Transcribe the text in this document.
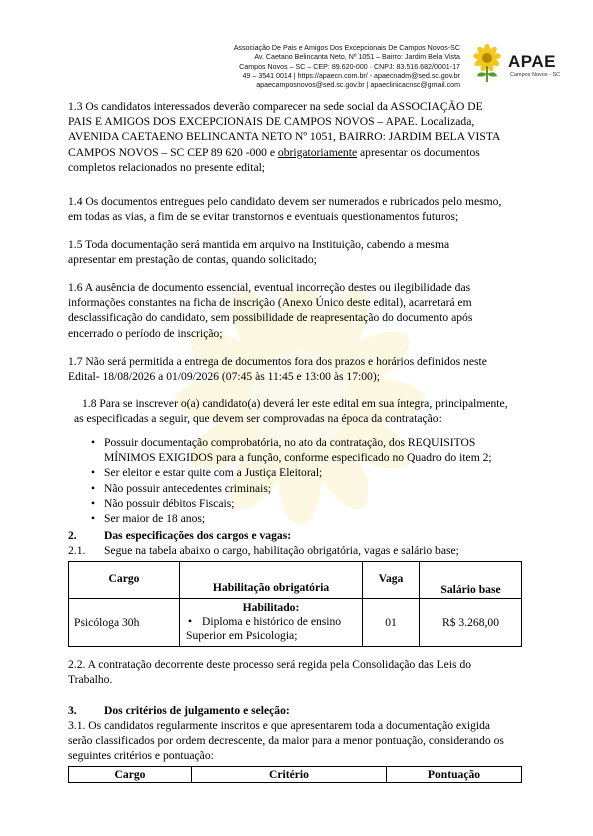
Associação De Pais e Amigos Dos Excepcionais De Campos Novos-SC
Av. Caetano Belincanta Neto, Nº 1051 – Bairro: Jardim Bela Vista
Campos Novos – SC – CEP: 89.620-000 · CNPJ: 83.516.682/0001-17
49 – 3541 0014 | https://apaecn.com.br/ - apaecnadm@sed.sc.gov.br
apaecamposnovos@sed.sc.gov.br | apaeclinicacnsc@gmail.com
APAE
Campos Novos - SC
1.3 Os candidatos interessados deverão comparecer na sede social da ASSOCIAÇÃO DE
PAIS E AMIGOS DOS EXCEPCIONAIS DE CAMPOS NOVOS – APAE. Localizada,
AVENIDA CAETAENO BELINCANTA NETO Nº 1051, BAIRRO: JARDIM BELA VISTA
CAMPOS NOVOS – SC CEP 89 620 -000 e obrigatoriamente apresentar os documentos
completos relacionados no presente edital;
1.4 Os documentos entregues pelo candidato devem ser numerados e rubricados pelo mesmo,
em todas as vias, a fim de se evitar transtornos e eventuais questionamentos futuros;
1.5 Toda documentação será mantida em arquivo na Instituição, cabendo a mesma
apresentar em prestação de contas, quando solicitado;
1.6 A ausência de documento essencial, eventual incorreção destes ou ilegibilidade das
informações constantes na ficha de inscrição (Anexo Único deste edital), acarretará em
desclassificação do candidato, sem possibilidade de reapresentação do documento após
encerrado o período de inscrição;
1.7 Não será permitida a entrega de documentos fora dos prazos e horários definidos neste
Edital- 18/08/2026 a 01/09/2026 (07:45 às 11:45 e 13:00 às 17:00);
1.8 Para se inscrever o(a) candidato(a) deverá ler este edital em sua íntegra, principalmente,
as especificadas a seguir, que devem ser comprovadas na época da contratação:
• Possuir documentação comprobatória, no ato da contratação, dos REQUISITOS
MÍNIMOS EXIGIDOS para a função, conforme especificado no Quadro do item 2;
• Ser eleitor e estar quite com a Justiça Eleitoral;
• Não possuir antecedentes criminais;
• Não possuir débitos Fiscais;
• Ser maior de 18 anos;
2. Das especificações dos cargos e vagas:
2.1. Segue na tabela abaixo o cargo, habilitação obrigatória, vagas e salário base;
Cargo	Habilitação obrigatória	Vaga	Salário base
Psicóloga 30h	Habilitado:
• Diploma e histórico de ensino
Superior em Psicologia;	01	R$ 3.268,00
2.2. A contratação decorrente deste processo será regida pela Consolidação das Leis do
Trabalho.
3. Dos critérios de julgamento e seleção:
3.1. Os candidatos regularmente inscritos e que apresentarem toda a documentação exigida
serão classificados por ordem decrescente, da maior para a menor pontuação, considerando os
seguintes critérios e pontuação:
Cargo	Critério	Pontuação
